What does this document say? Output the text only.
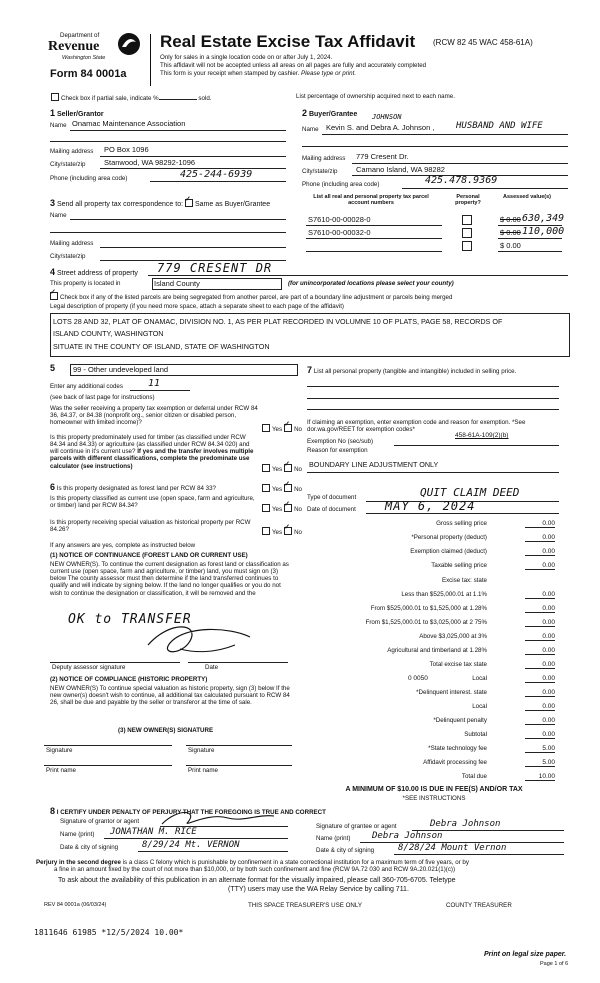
Department of
Revenue
Washington State
Form 84 0001a
Real Estate Excise Tax Affidavit (RCW 82 45 WAC 458-61A)
Only for sales in a single location code on or after July 1, 2024.
This affidavit will not be accepted unless all areas on all pages are fully and accurately completed
This form is your receipt when stamped by cashier. Please type or print.
Check box if partial sale, indicate %	sold.	List percentage of ownership acquired next to each name.
1 Seller/Grantor
Name Onamac Maintenance Association
Mailing address PO Box 1096
City/state/zip Stanwood, WA 98292-1096
Phone (including area code)	425-244-6939
2 Buyer/Grantee JOHNSON
Name Kevin S. and Debra A. Johnson , HUSBAND AND WIFE
Mailing address 779 Cresent Dr.
City/state/zip Camano Island, WA 98282
Phone (including area code)	425.478.9369
3 Send all property tax correspondence to: ✓ Same as Buyer/Grantee
Name
Mailing address
City/state/zip
List all real and personal property tax parcel account numbers
Personal property?
Assessed value(s)
S7610-00-00028-0	$ 0.00 630,349
S7610-00-00032-0	$ 0.00 110,000
$ 0.00
4 Street address of property 779 CRESENT DR
This property is located in	Island County	(for unincorporated locations please select your county)
✓Check box if any of the listed parcels are being segregated from another parcel, are part of a boundary line adjustment or parcels being merged
Legal description of property (if you need more space, attach a separate sheet to each page of the affidavit)
LOTS 28 AND 32, PLAT OF ONAMAC, DIVISION NO. 1, AS PER PLAT RECORDED IN VOLUMNE 10 OF PLATS, PAGE 58, RECORDS OF
ISLAND COUNTY, WASHINGTON
SITUATE IN THE COUNTY OF ISLAND, STATE OF WASHINGTON
5 99 - Other undeveloped land
Enter any additional codes	11
(see back of last page for instructions)
Was the seller receiving a property tax exemption or deferral under RCW 84 36, 84.37, or 84.38 (nonprofit org., senior citizen or disabled person, homeowner with limited income)?
Yes ✓ No
Is this property predominately used for timber (as classified under RCW 84.34 and 84.33) or agriculture (as classified under RCW 84.34 020) and will continue in it's current use? If yes and the transfer involves multiple parcels with different classifications, complete the predominate use calculator (see instructions)	Yes ✓ No
6 Is this property designated as forest land per RCW 84 33?	Yes ✓ No
Is this property classified as current use (open space, farm and agriculture, or timber) land per RCW 84.34?
Yes ✓ No
Is this property receiving special valuation as historical property per RCW 84.26?	Yes ✓ No
If any answers are yes, complete as instructed below
(1) NOTICE OF CONTINUANCE (FOREST LAND OR CURRENT USE)
NEW OWNER(S). To continue the current designation as forest land or classification as current use (open space, farm and agriculture, or timber) land, you must sign on (3) below The county assessor must then determine if the land transferred continues to qualify and will indicate by signing below. If the land no longer qualifies or you do not wish to continue the designation or classification, it will be removed and the
OK to TRANSFER
Deputy assessor signature	Date
(2) NOTICE OF COMPLIANCE (HISTORIC PROPERTY)
NEW OWNER(S) To continue special valuation as historic property, sign (3) below If the new owner(s) doesn't wish to continue, all additional tax calculated pursuant to RCW 84 26, shall be due and payable by the seller or transferor at the time of sale.
(3) NEW OWNER(S) SIGNATURE
Signature	Signature
Print name	Print name
7 List all personal property (tangible and intangible) included in selling price.
If claiming an exemption, enter exemption code and reason for exemption. *See dor.wa.gov/REET for exemption codes*
Exemption No (sec/sub)
458-61A-109(2)(b)
Reason for exemption
BOUNDARY LINE ADJUSTMENT ONLY
Type of document	QUIT CLAIM DEED
Date of document MAY 6, 2024
Gross selling price	0.00
*Personal property (deduct)	0.00
Exemption claimed (deduct)	0.00
Taxable selling price	0.00
Excise tax: state
Less than $525,000.01 at 1.1%	0.00
From $525,000.01 to $1,525,000 at 1.28%	0.00
From $1,525,000.01 to $3,025,000 at 2 75%	0.00
Above $3,025,000 at 3%	0.00
Agricultural and timberland at 1.28%	0.00
Total excise tax state	0.00
0 0050	Local	0.00
*Delinquent interest. state	0.00
Local	0.00
*Delinquent penalty	0.00
Subtotal	0.00
*State technology fee	5.00
Affidavit processing fee	5.00
Total due	10.00
A MINIMUM OF $10.00 IS DUE IN FEE(S) AND/OR TAX
*SEE INSTRUCTIONS
8 I CERTIFY UNDER PENALTY OF PERJURY THAT THE FOREGOING IS TRUE AND CORRECT
Signature of grantor or agent
Name (print) JONATHAN M. RICE
Date & city of signing	8/29/24 Mt. VERNON
Signature of grantee or agent	Debra Johnson
Name (print) Debra Johnson
Date & city of signing	8/28/24 Mount Vernon
Perjury in the second degree is a class C felony which is punishable by confinement in a state correctional institution for a maximum term of five years, or by
a fine in an amount fixed by the court of not more than $10,000, or by both such confinement and fine (RCW 9A.72 030 and RCW 9A.20.021(1)(c))
To ask about the availability of this publication in an alternate format for the visually impaired, please call 360-705-6705. Teletype
(TTY) users may use the WA Relay Service by calling 711.
REV 84 0001a (06/03/24)	THIS SPACE TREASURER'S USE ONLY	COUNTY TREASURER
1811646 61985 *12/5/2024 10.00*
Print on legal size paper.
Page 1 of 6
